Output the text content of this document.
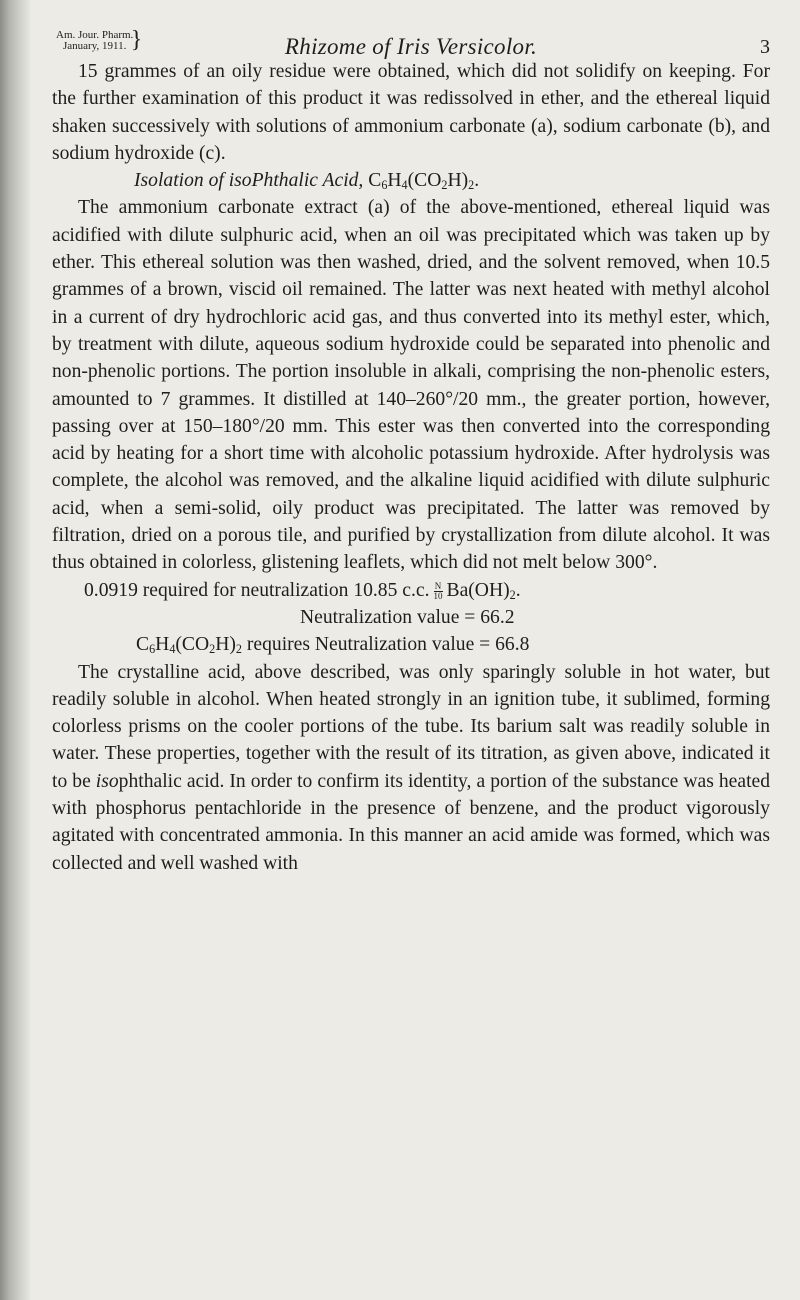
Am. Jour. Pharm.
January, 1911. }	Rhizome of Iris Versicolor.	3

15 grammes of an oily residue were obtained, which did not solidify on keeping. For the further examination of this product it was redissolved in ether, and the ethereal liquid shaken successively with solutions of ammonium carbonate (a), sodium carbonate (b), and sodium hydroxide (c).

Isolation of isoPhthalic Acid, $C_6H_4(CO_2H)_2$.

The ammonium carbonate extract (a) of the above-mentioned, ethereal liquid was acidified with dilute sulphuric acid, when an oil was precipitated which was taken up by ether. This ethereal solution was then washed, dried, and the solvent removed, when 10.5 grammes of a brown, viscid oil remained. The latter was next heated with methyl alcohol in a current of dry hydrochloric acid gas, and thus converted into its methyl ester, which, by treatment with dilute, aqueous sodium hydroxide could be separated into phenolic and non-phenolic portions. The portion insoluble in alkali, comprising the non-phenolic esters, amounted to 7 grammes. It distilled at 140–260°/20 mm., the greater portion, however, passing over at 150–180°/20 mm. This ester was then converted into the corresponding acid by heating for a short time with alcoholic potassium hydroxide. After hydrolysis was complete, the alcohol was removed, and the alkaline liquid acidified with dilute sulphuric acid, when a semi-solid, oily product was precipitated. The latter was removed by filtration, dried on a porous tile, and purified by crystallization from dilute alcohol. It was thus obtained in colorless, glistening leaflets, which did not melt below 300°.

0.0919 required for neutralization 10.85 c.c. $\frac{N}{10} Ba(OH)_2$.
Neutralization value = 66.2
$C_6H_4(CO_2H)_2$ requires Neutralization value = 66.8

The crystalline acid, above described, was only sparingly soluble in hot water, but readily soluble in alcohol. When heated strongly in an ignition tube, it sublimed, forming colorless prisms on the cooler portions of the tube. Its barium salt was readily soluble in water. These properties, together with the result of its titration, as given above, indicated it to be isophthalic acid. In order to confirm its identity, a portion of the substance was heated with phosphorus pentachloride in the presence of benzene, and the product vigorously agitated with concentrated ammonia. In this manner an acid amide was formed, which was collected and well washed with
